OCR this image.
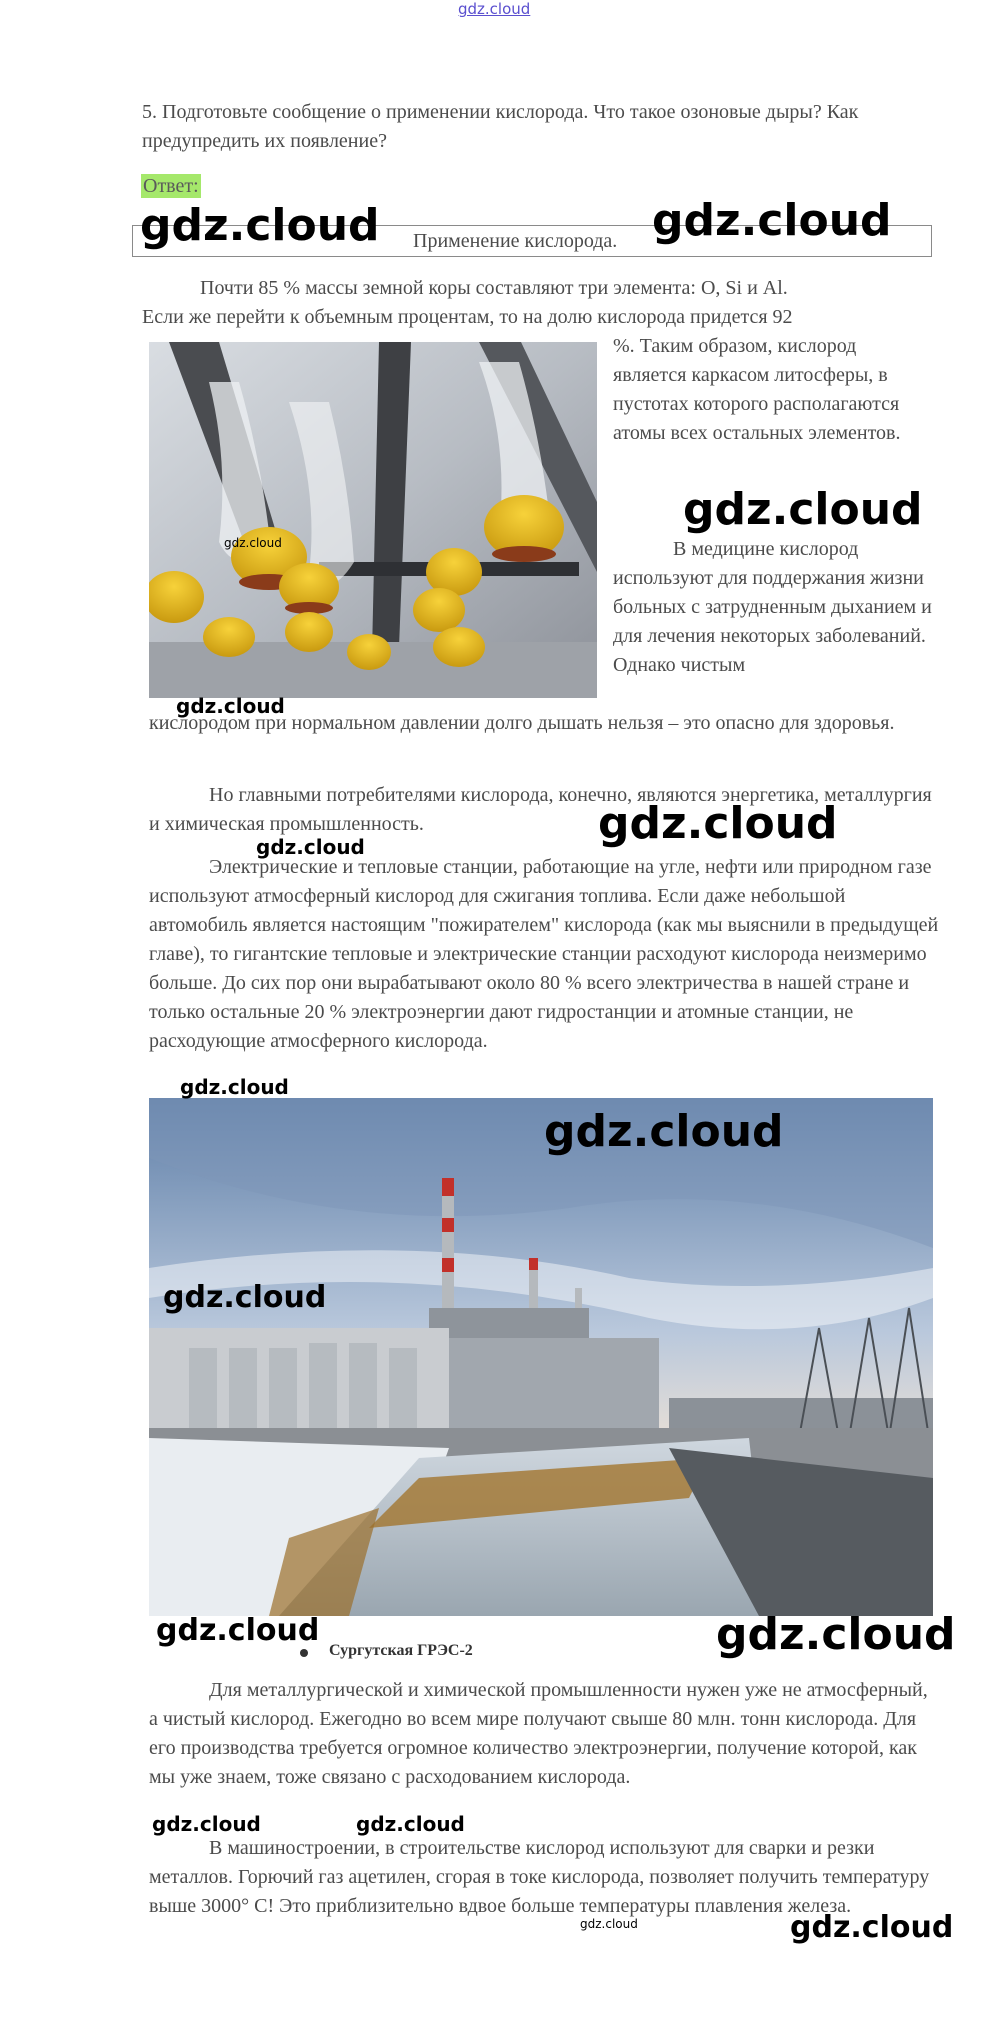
gdz.cloud
5. Подготовьте сообщение о применении кислорода. Что такое озоновые дыры? Как предупредить их появление?
Ответ:
Применение кислорода.
Почти 85 % массы земной коры составляют три элемента: O, Si и Al.
Если же перейти к объемным процентам, то на долю кислорода придется 92
%. Таким образом, кислород является каркасом литосферы, в пустотах которого располагаются атомы всех остальных элементов.
В медицине кислород используют для поддержания жизни больных с затрудненным дыханием и для лечения некоторых заболеваний. Однако чистым
кислородом при нормальном давлении долго дышать нельзя – это опасно для здоровья.
Но главными потребителями кислорода, конечно, являются энергетика, металлургия и химическая промышленность.
Электрические и тепловые станции, работающие на угле, нефти или природном газе используют атмосферный кислород для сжигания топлива. Если даже небольшой автомобиль является настоящим "пожирателем" кислорода (как мы выяснили в предыдущей главе), то гигантские тепловые и электрические станции расходуют кислорода неизмеримо больше. До сих пор они вырабатывают около 80 % всего электричества в нашей стране и только остальные 20 % электроэнергии дают гидростанции и атомные станции, не расходующие атмосферного кислорода.
Сургутская ГРЭС-2
Для металлургической и химической промышленности нужен уже не атмосферный, а чистый кислород. Ежегодно во всем мире получают свыше 80 млн. тонн кислорода. Для его производства требуется огромное количество электроэнергии, получение которой, как мы уже знаем, тоже связано с расходованием кислорода.
В машиностроении, в строительстве кислород используют для сварки и резки металлов. Горючий газ ацетилен, сгорая в токе кислорода, позволяет получить температуру выше 3000° С! Это приблизительно вдвое больше температуры плавления железа.
gdz.cloud	gdz.cloud
gdz.cloud
gdz.cloud
gdz.cloud
gdz.cloud
gdz.cloud
gdz.cloud
gdz.cloud
gdz.cloud
gdz.cloud	gdz.cloud
gdz.cloud	gdz.cloud
gdz.cloud	gdz.cloud
